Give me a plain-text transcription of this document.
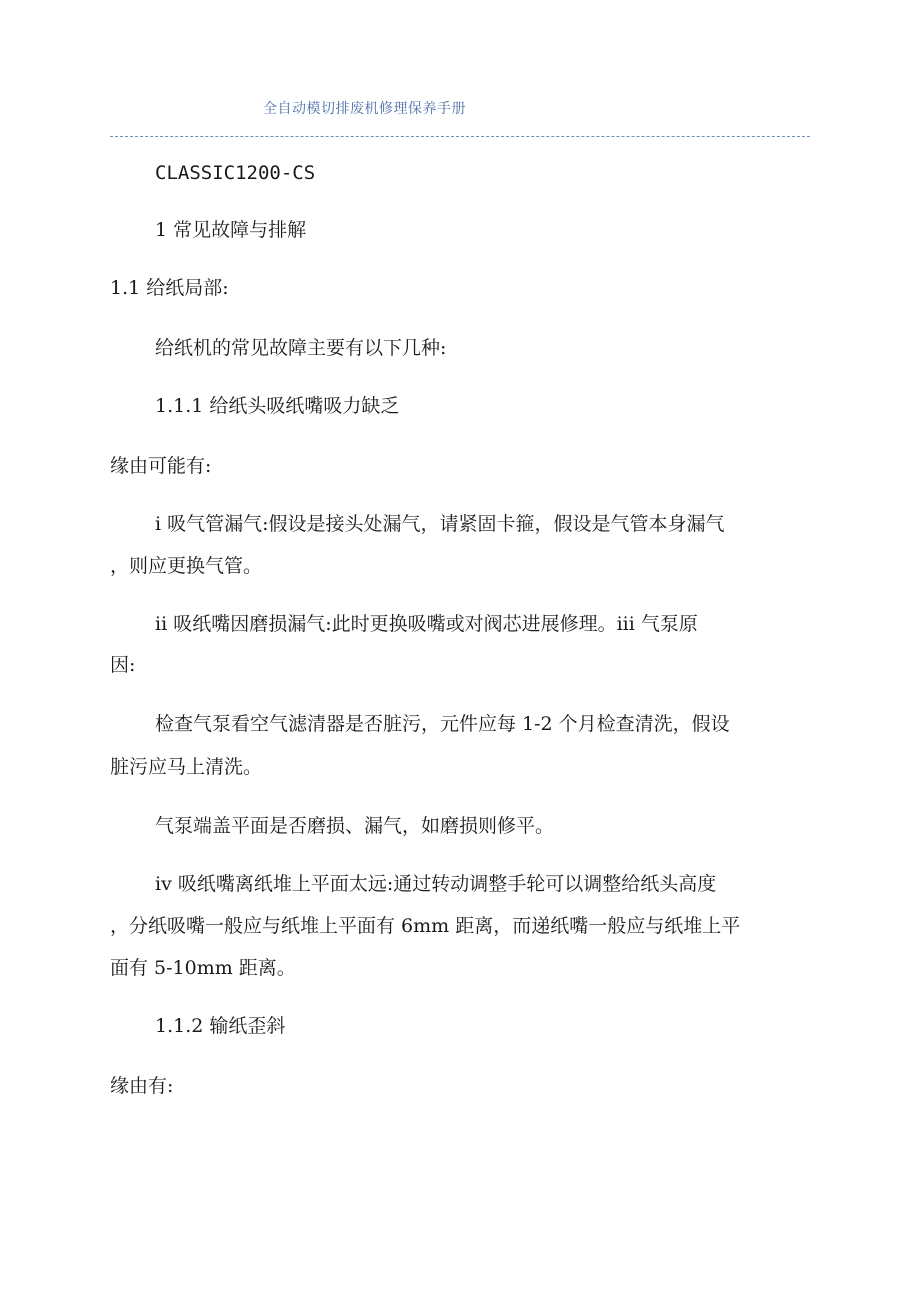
全自动模切排废机修理保养手册
CLASSIC1200-CS
1 常见故障与排解
1.1 给纸局部:
给纸机的常见故障主要有以下几种:
1.1.1 给纸头吸纸嘴吸力缺乏
缘由可能有:
i 吸气管漏气:假设是接头处漏气，请紧固卡箍，假设是气管本身漏气
，则应更换气管。
ii 吸纸嘴因磨损漏气:此时更换吸嘴或对阀芯进展修理。iii 气泵原
因:
检查气泵看空气滤清器是否脏污，元件应每 1-2 个月检查清洗，假设
脏污应马上清洗。
气泵端盖平面是否磨损、漏气，如磨损则修平。
iv 吸纸嘴离纸堆上平面太远:通过转动调整手轮可以调整给纸头高度
，分纸吸嘴一般应与纸堆上平面有 6mm 距离，而递纸嘴一般应与纸堆上平
面有 5-10mm 距离。
1.1.2 输纸歪斜
缘由有:
